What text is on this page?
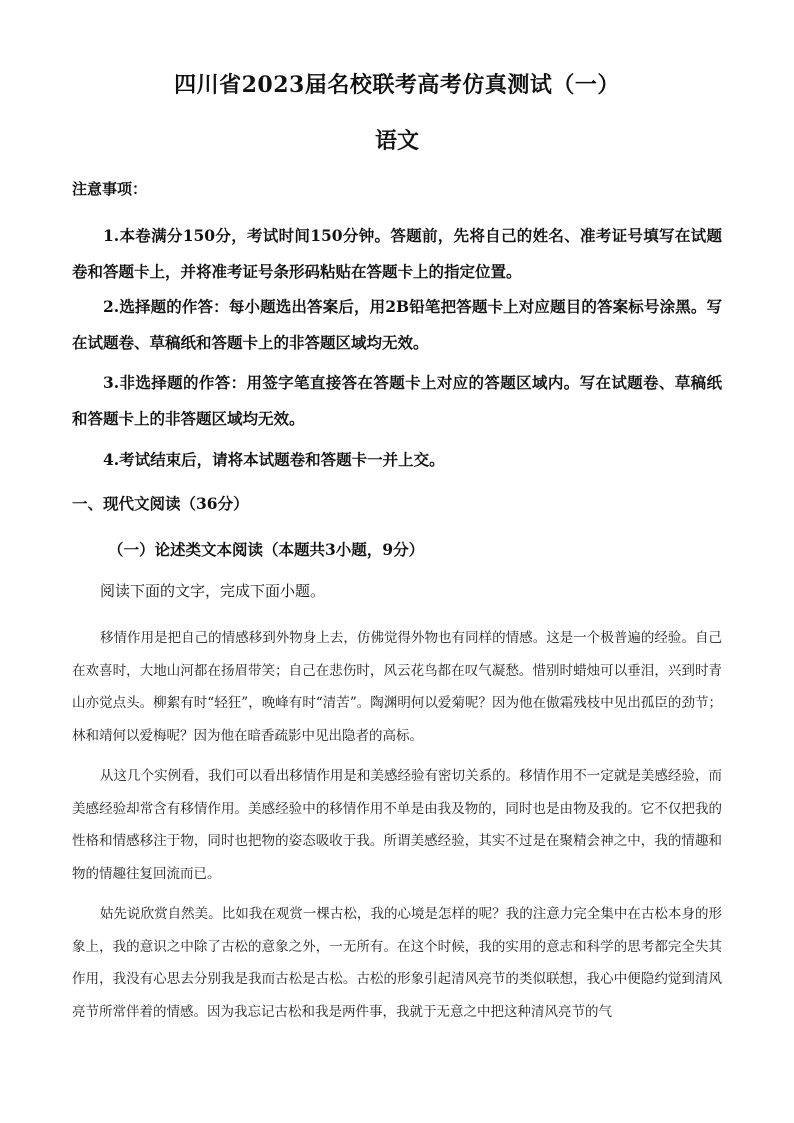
四川省2023届名校联考高考仿真测试（一）
语文
注意事项：
1.本卷满分150分，考试时间150分钟。答题前，先将自己的姓名、准考证号填写在试题卷和答题卡上，并将准考证号条形码粘贴在答题卡上的指定位置。
2.选择题的作答：每小题选出答案后，用2B铅笔把答题卡上对应题目的答案标号涂黑。写在试题卷、草稿纸和答题卡上的非答题区域均无效。
3.非选择题的作答：用签字笔直接答在答题卡上对应的答题区域内。写在试题卷、草稿纸和答题卡上的非答题区域均无效。
4.考试结束后，请将本试题卷和答题卡一并上交。
一、现代文阅读（36分）
（一）论述类文本阅读（本题共3小题，9分）
阅读下面的文字，完成下面小题。
移情作用是把自己的情感移到外物身上去，仿佛觉得外物也有同样的情感。这是一个极普遍的经验。自己在欢喜时，大地山河都在扬眉带笑；自己在悲伤时，风云花鸟都在叹气凝愁。惜别时蜡烛可以垂泪，兴到时青山亦觉点头。柳絮有时“轻狂”，晚峰有时“清苦”。陶渊明何以爱菊呢？因为他在傲霜残枝中见出孤臣的劲节；林和靖何以爱梅呢？因为他在暗香疏影中见出隐者的高标。
从这几个实例看，我们可以看出移情作用是和美感经验有密切关系的。移情作用不一定就是美感经验，而美感经验却常含有移情作用。美感经验中的移情作用不单是由我及物的，同时也是由物及我的。它不仅把我的性格和情感移注于物，同时也把物的姿态吸收于我。所谓美感经验，其实不过是在聚精会神之中，我的情趣和物的情趣往复回流而已。
姑先说欣赏自然美。比如我在观赏一棵古松，我的心境是怎样的呢？我的注意力完全集中在古松本身的形象上，我的意识之中除了古松的意象之外，一无所有。在这个时候，我的实用的意志和科学的思考都完全失其作用，我没有心思去分别我是我而古松是古松。古松的形象引起清风亮节的类似联想，我心中便隐约觉到清风亮节所常伴着的情感。因为我忘记古松和我是两件事，我就于无意之中把这种清风亮节的气
